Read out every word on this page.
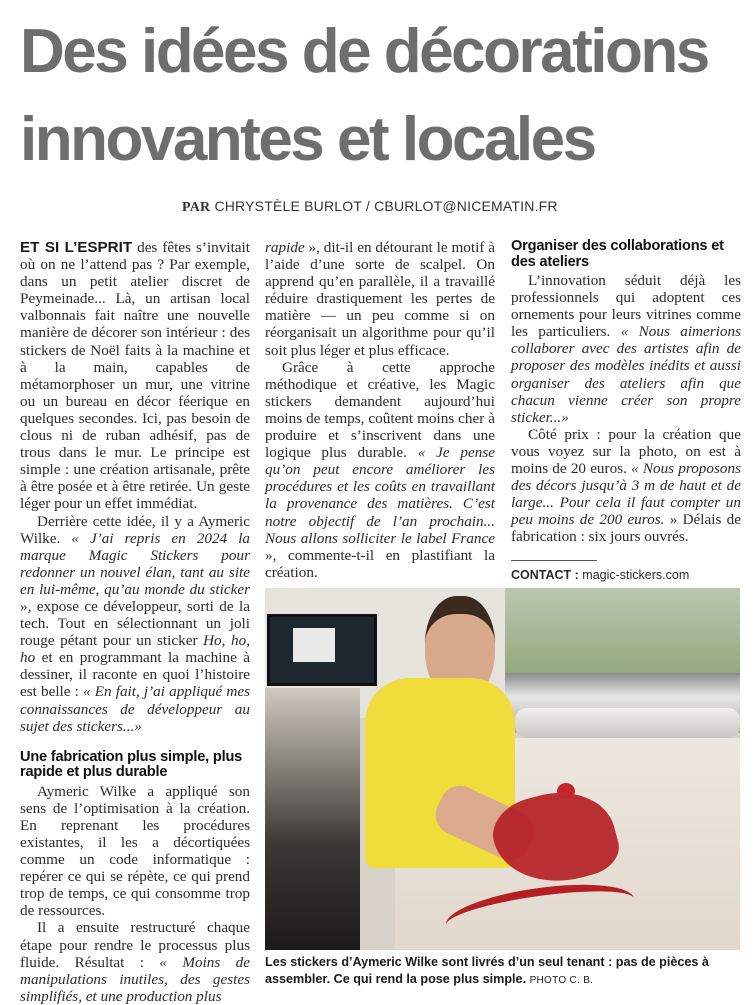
Des idées de décorations
innovantes et locales
PAR CHRYSTÈLE BURLOT / CBURLOT@NICEMATIN.FR

ET SI L’ESPRIT des fêtes s’invitait où on ne l’attend pas ? Par exemple, dans un petit atelier discret de Peymeinade... Là, un artisan local valbonnais fait naître une nouvelle manière de décorer son intérieur : des stickers de Noël faits à la machine et à la main, capables de métamorphoser un mur, une vitrine ou un bureau en décor féerique en quelques secondes. Ici, pas besoin de clous ni de ruban adhésif, pas de trous dans le mur. Le principe est simple : une création artisanale, prête à être posée et à être retirée. Un geste léger pour un effet immédiat.

Derrière cette idée, il y a Aymeric Wilke. « J’ai repris en 2024 la marque Magic Stickers pour redonner un nouvel élan, tant au site en lui-même, qu’au monde du sticker », expose ce développeur, sorti de la tech. Tout en sélectionnant un joli rouge pétant pour un sticker Ho, ho, ho et en programmant la machine à dessiner, il raconte en quoi l’histoire est belle : « En fait, j’ai appliqué mes connaissances de développeur au sujet des stickers...»

Une fabrication plus simple, plus rapide et plus durable

Aymeric Wilke a appliqué son sens de l’optimisation à la création. En reprenant les procédures existantes, il les a décortiquées comme un code informatique : repérer ce qui se répète, ce qui prend trop de temps, ce qui consomme trop de ressources.

Il a ensuite restructuré chaque étape pour rendre le processus plus fluide. Résultat : « Moins de manipulations inutiles, des gestes simplifiés, et une production plus

rapide », dit-il en détourant le motif à l’aide d’une sorte de scalpel. On apprend qu’en parallèle, il a travaillé réduire drastiquement les pertes de matière — un peu comme si on réorganisait un algorithme pour qu’il soit plus léger et plus efficace.

Grâce à cette approche méthodique et créative, les Magic stickers demandent aujourd’hui moins de temps, coûtent moins cher à produire et s’inscrivent dans une logique plus durable. « Je pense qu’on peut encore améliorer les procédures et les coûts en travaillant la provenance des matières. C’est notre objectif de l’an prochain... Nous allons solliciter le label France », commente-t-il en plastifiant la création.

Organiser des collaborations et des ateliers

L’innovation séduit déjà les professionnels qui adoptent ces ornements pour leurs vitrines comme les particuliers. « Nous aimerions collaborer avec des artistes afin de proposer des modèles inédits et aussi organiser des ateliers afin que chacun vienne créer son propre sticker...»

Côté prix : pour la création que vous voyez sur la photo, on est à moins de 20 euros. « Nous proposons des décors jusqu’à 3 m de haut et de large... Pour cela il faut compter un peu moins de 200 euros. » Délais de fabrication : six jours ouvrés.

CONTACT : magic-stickers.com
Les stickers d’Aymeric Wilke sont livrés d’un seul tenant : pas de pièces à assembler. Ce qui rend la pose plus simple. PHOTO C. B.
